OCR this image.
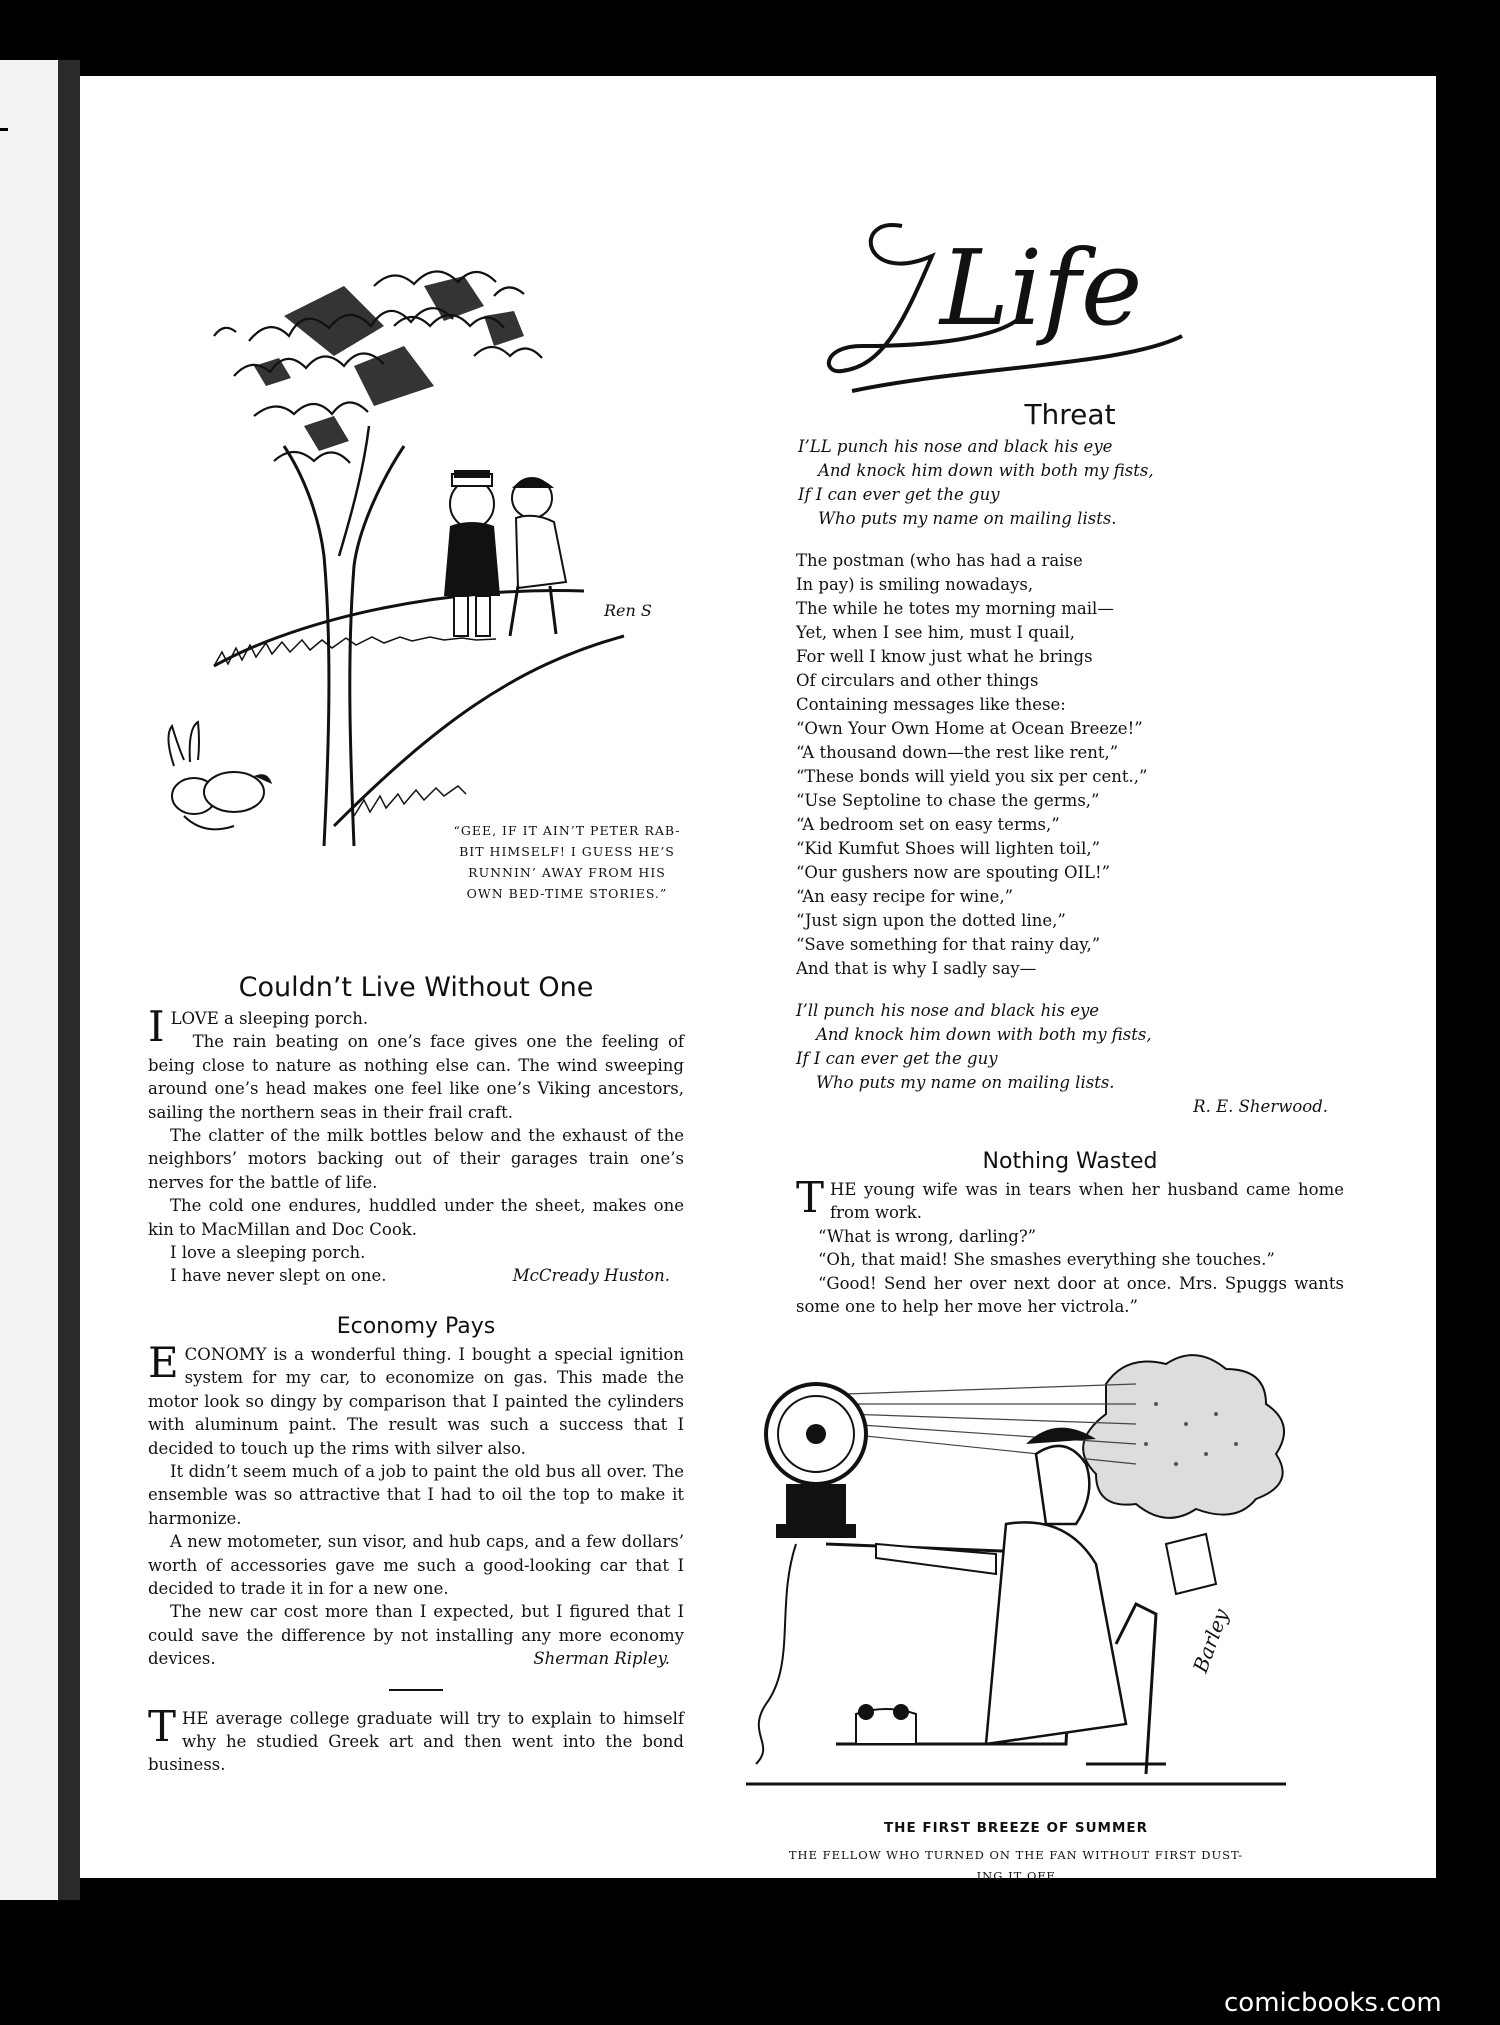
Ren S

“GEE, IF IT AIN’T PETER RAB-

BIT HIMSELF! I GUESS HE’S

RUNNIN’ AWAY FROM HIS

OWN BED-TIME STORIES.”

Couldn’t Live Without One

I LOVE a sleeping porch.

The rain beating on one’s face gives one the feeling of being close to nature as nothing else can. The wind sweeping around one’s head makes one feel like one’s Viking ancestors, sailing the northern seas in their frail craft.

The clatter of the milk bottles below and the exhaust of the neighbors’ motors backing out of their garages train one’s nerves for the battle of life.

The cold one endures, huddled under the sheet, makes one kin to MacMillan and Doc Cook.

I love a sleeping porch.

I have never slept on one.	McCready Huston.

Economy Pays

ECONOMY is a wonderful thing. I bought a special ignition system for my car, to economize on gas. This made the motor look so dingy by comparison that I painted the cylinders with aluminum paint. The result was such a success that I decided to touch up the rims with silver also.

It didn’t seem much of a job to paint the old bus all over. The ensemble was so attractive that I had to oil the top to make it harmonize.

A new motometer, sun visor, and hub caps, and a few dollars’ worth of accessories gave me such a good-looking car that I decided to trade it in for a new one.

The new car cost more than I expected, but I figured that I could save the difference by not installing any more economy devices.	Sherman Ripley.

THE average college graduate will try to explain to himself why he studied Greek art and then went into the bond business.

Life
Threat
I’LL punch his nose and black his eye
And knock him down with both my fists,
If I can ever get the guy
Who puts my name on mailing lists.
The postman (who has had a raise
In pay) is smiling nowadays,
The while he totes my morning mail—
Yet, when I see him, must I quail,
For well I know just what he brings
Of circulars and other things
Containing messages like these:
“Own Your Own Home at Ocean Breeze!”
“A thousand down—the rest like rent,”
“These bonds will yield you six per cent.,”
“Use Septoline to chase the germs,”
“A bedroom set on easy terms,”
“Kid Kumfut Shoes will lighten toil,”
“Our gushers now are spouting OIL!”
“An easy recipe for wine,”
“Just sign upon the dotted line,”
“Save something for that rainy day,”
And that is why I sadly say—
I’ll punch his nose and black his eye
And knock him down with both my fists,
If I can ever get the guy
Who puts my name on mailing lists.

R. E. Sherwood.

Nothing Wasted

THE young wife was in tears when her husband came home from work.

“What is wrong, darling?”

“Oh, that maid! She smashes everything she touches.”

“Good! Send her over next door at once. Mrs. Spuggs wants some one to help her move her victrola.”

Barley

THE FIRST BREEZE OF SUMMER

THE FELLOW WHO TURNED ON THE FAN WITHOUT FIRST DUST-

ING IT OFF

comicbooks.com
